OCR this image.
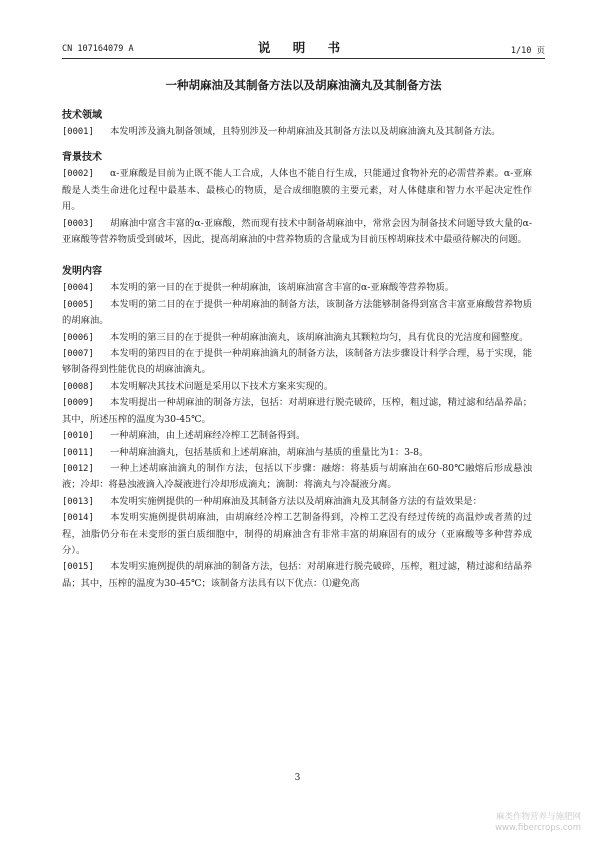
CN 107164079 A	说 明 书	1/10 页
一种胡麻油及其制备方法以及胡麻油滴丸及其制备方法
技术领域

[0001] 本发明涉及滴丸制备领域，且特别涉及一种胡麻油及其制备方法以及胡麻油滴丸及其制备方法。

背景技术

[0002] α-亚麻酸是目前为止既不能人工合成，人体也不能自行生成，只能通过食物补充的必需营养素。α-亚麻酸是人类生命进化过程中最基本、最核心的物质，是合成细胞膜的主要元素，对人体健康和智力水平起决定性作用。

[0003] 胡麻油中富含丰富的α-亚麻酸，然而现有技术中制备胡麻油中，常常会因为制备技术问题导致大量的α-亚麻酸等营养物质受到破坏，因此，提高胡麻油的中营养物质的含量成为目前压榨胡麻技术中最亟待解决的问题。

发明内容

[0004] 本发明的第一目的在于提供一种胡麻油，该胡麻油富含丰富的α-亚麻酸等营养物质。

[0005] 本发明的第二目的在于提供一种胡麻油的制备方法，该制备方法能够制备得到富含丰富亚麻酸营养物质的胡麻油。

[0006] 本发明的第三目的在于提供一种胡麻油滴丸，该胡麻油滴丸其颗粒均匀，具有优良的光洁度和圆整度。

[0007] 本发明的第四目的在于提供一种胡麻油滴丸的制备方法，该制备方法步骤设计科学合理，易于实现，能够制备得到性能优良的胡麻油滴丸。

[0008] 本发明解决其技术问题是采用以下技术方案来实现的。

[0009] 本发明提出一种胡麻油的制备方法，包括：对胡麻进行脱壳破碎，压榨，粗过滤，精过滤和结晶养晶；其中，所述压榨的温度为30-45℃。

[0010] 一种胡麻油，由上述胡麻经冷榨工艺制备得到。

[0011] 一种胡麻油滴丸，包括基质和上述胡麻油，胡麻油与基质的重量比为1：3-8。

[0012] 一种上述胡麻油滴丸的制作方法，包括以下步骤：融熔：将基质与胡麻油在60-80℃融熔后形成悬浊液；冷却：将悬浊液滴入冷凝液进行冷却形成滴丸；滴制：将滴丸与冷凝液分离。

[0013] 本发明实施例提供的一种胡麻油及其制备方法以及胡麻油滴丸及其制备方法的有益效果是：

[0014] 本发明实施例提供胡麻油，由胡麻经冷榨工艺制备得到，冷榨工艺没有经过传统的高温炒或者蒸的过程，油脂仍分布在未变形的蛋白质细胞中，制得的胡麻油含有非常丰富的胡麻固有的成分（亚麻酸等多种营养成分）。

[0015] 本发明实施例提供的胡麻油的制备方法，包括：对胡麻进行脱壳破碎，压榨，粗过滤，精过滤和结晶养晶；其中，压榨的温度为30-45℃；该制备方法具有以下优点：⑴避免高

3
麻类作物营养与施肥网
www.fibercrops.com
